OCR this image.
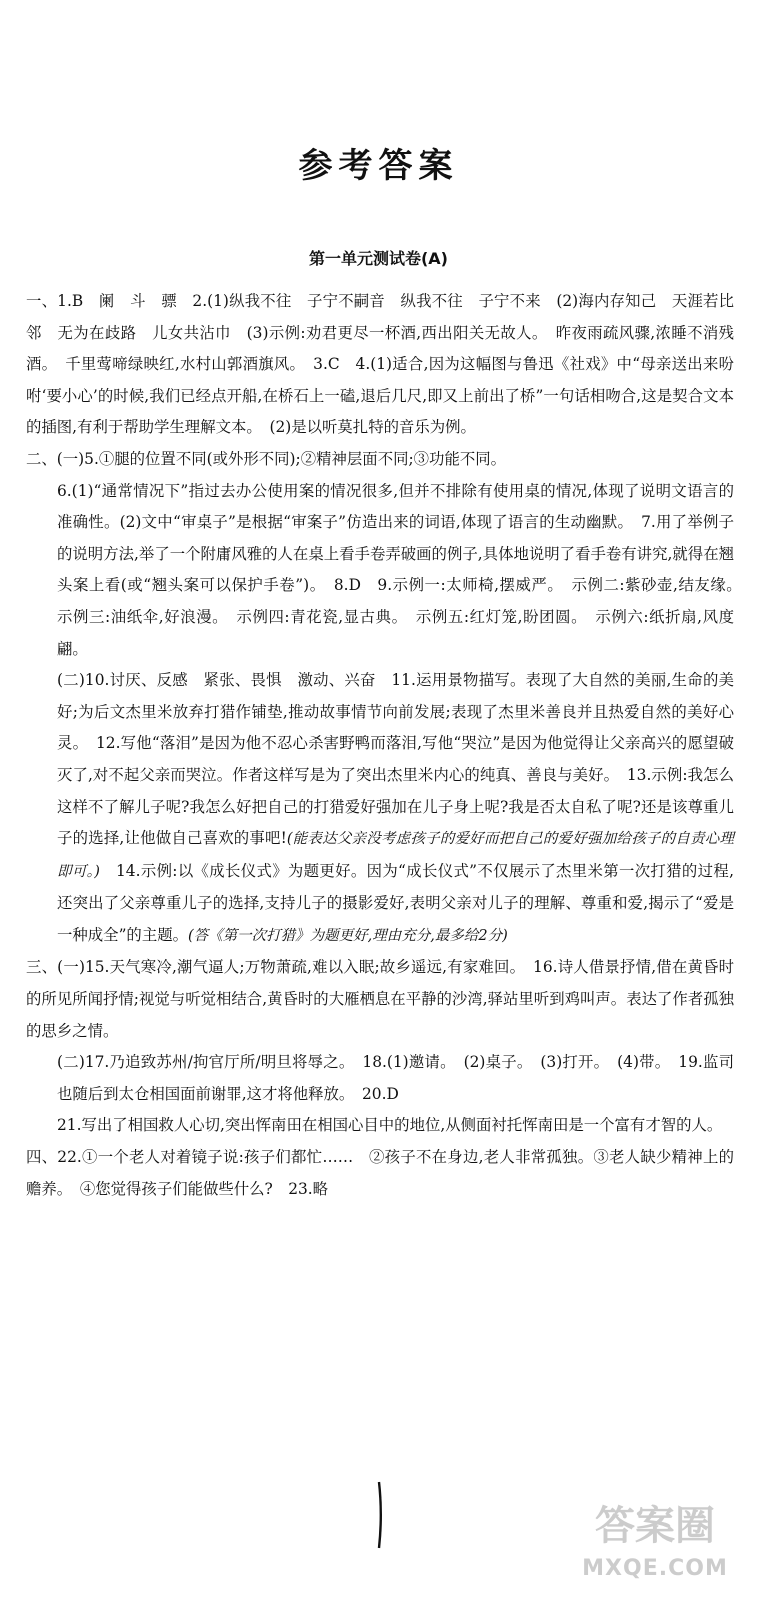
参考答案
第一单元测试卷(A)

一、1.B　阑　斗　骠　2.(1)纵我不往　子宁不嗣音　纵我不往　子宁不来　(2)海内存知己　天涯若比邻　无为在歧路　儿女共沾巾　(3)示例:劝君更尽一杯酒,西出阳关无故人。　昨夜雨疏风骤,浓睡不消残酒。　千里莺啼绿映红,水村山郭酒旗风。　3.C　4.(1)适合,因为这幅图与鲁迅《社戏》中“母亲送出来吩咐‘要小心’的时候,我们已经点开船,在桥石上一磕,退后几尺,即又上前出了桥”一句话相吻合,这是契合文本的插图,有利于帮助学生理解文本。　(2)是以听莫扎特的音乐为例。

二、(一)5.①腿的位置不同(或外形不同);②精神层面不同;③功能不同。

6.(1)“通常情况下”指过去办公使用案的情况很多,但并不排除有使用桌的情况,体现了说明文语言的准确性。(2)文中“审桌子”是根据“审案子”仿造出来的词语,体现了语言的生动幽默。　7.用了举例子的说明方法,举了一个附庸风雅的人在桌上看手卷弄破画的例子,具体地说明了看手卷有讲究,就得在翘头案上看(或“翘头案可以保护手卷”)。　8.D　9.示例一:太师椅,摆威严。　示例二:紫砂壶,结友缘。　示例三:油纸伞,好浪漫。　示例四:青花瓷,显古典。　示例五:红灯笼,盼团圆。　示例六:纸折扇,风度翩。

(二)10.讨厌、反感　紧张、畏惧　激动、兴奋　11.运用景物描写。表现了大自然的美丽,生命的美好;为后文杰里米放弃打猎作铺垫,推动故事情节向前发展;表现了杰里米善良并且热爱自然的美好心灵。　12.写他“落泪”是因为他不忍心杀害野鸭而落泪,写他“哭泣”是因为他觉得让父亲高兴的愿望破灭了,对不起父亲而哭泣。作者这样写是为了突出杰里米内心的纯真、善良与美好。　13.示例:我怎么这样不了解儿子呢?我怎么好把自己的打猎爱好强加在儿子身上呢?我是否太自私了呢?还是该尊重儿子的选择,让他做自己喜欢的事吧!(能表达父亲没考虑孩子的爱好而把自己的爱好强加给孩子的自责心理即可。)　 14.示例:以《成长仪式》为题更好。因为“成长仪式”不仅展示了杰里米第一次打猎的过程,还突出了父亲尊重儿子的选择,支持儿子的摄影爱好,表明父亲对儿子的理解、尊重和爱,揭示了“爱是一种成全”的主题。(答《第一次打猎》为题更好,理由充分,最多给2分)

三、(一)15.天气寒冷,潮气逼人;万物萧疏,难以入眠;故乡遥远,有家难回。　16.诗人借景抒情,借在黄昏时的所见所闻抒情;视觉与听觉相结合,黄昏时的大雁栖息在平静的沙湾,驿站里听到鸡叫声。表达了作者孤独的思乡之情。

(二)17.乃追致苏州/拘官厅所/明旦将辱之。　18.(1)邀请。　(2)桌子。　(3)打开。　(4)带。　19.监司也随后到太仓相国面前谢罪,这才将他释放。　20.D

21.写出了相国救人心切,突出恽南田在相国心目中的地位,从侧面衬托恽南田是一个富有才智的人。

四、22.①一个老人对着镜子说:孩子们都忙……　②孩子不在身边,老人非常孤独。③老人缺少精神上的赡养。　④您觉得孩子们能做些什么?　23.略

答案圈
MXQE.COM
